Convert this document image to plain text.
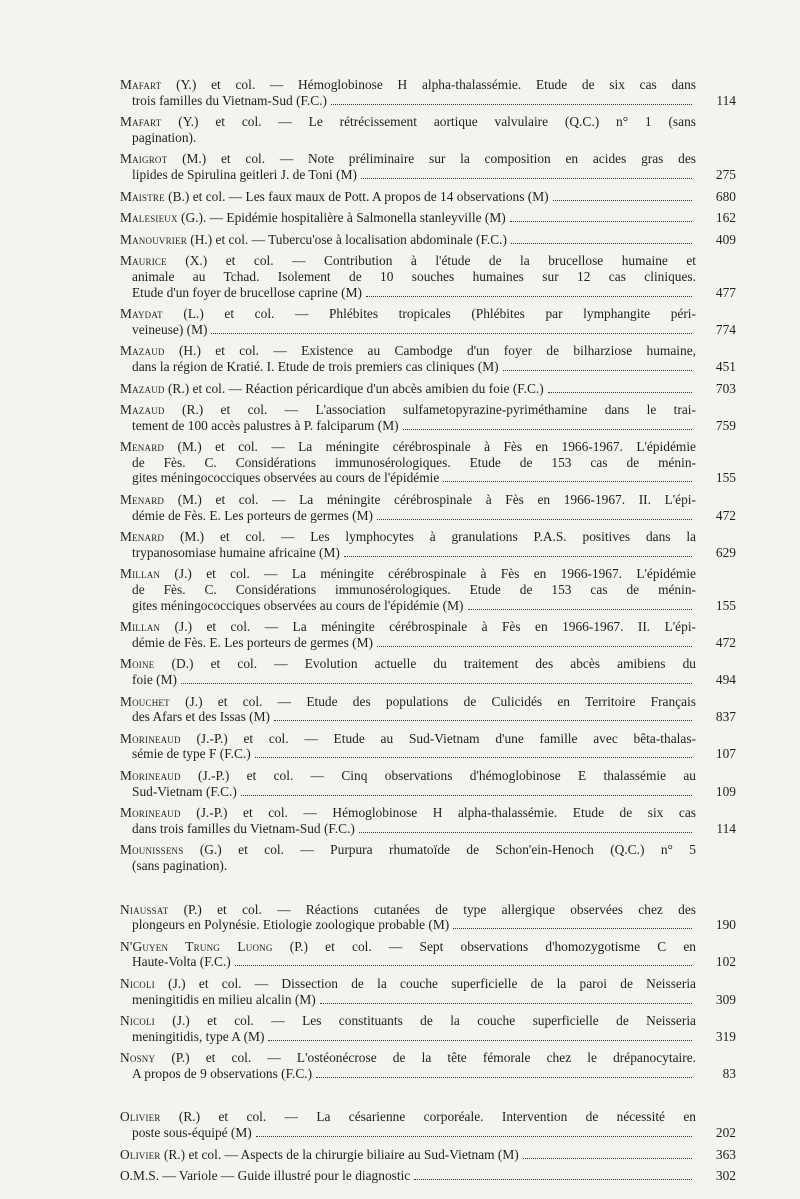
Mafart (Y.) et col. — Hémoglobinose H alpha-thalassémie. Etude de six cas dans
trois familles du Vietnam-Sud (F.C.)	114
Mafart (Y.) et col. — Le rétrécissement aortique valvulaire (Q.C.) n° 1 (sans
pagination).
Maigrot (M.) et col. — Note préliminaire sur la composition en acides gras des
lipides de Spirulina geitleri J. de Toni (M)	275
Maistre (B.) et col. — Les faux maux de Pott. A propos de 14 observations (M)	680
Malesieux (G.). — Epidémie hospitalière à Salmonella stanleyville (M)	162
Manouvrier (H.) et col. — Tubercu'ose à localisation abdominale (F.C.)	409
Maurice (X.) et col. — Contribution à l'étude de la brucellose humaine et
animale au Tchad. Isolement de 10 souches humaines sur 12 cas cliniques.
Etude d'un foyer de brucellose caprine (M)	477
Maydat (L.) et col. — Phlébites tropicales (Phlébites par lymphangite péri-
veineuse) (M)	774
Mazaud (H.) et col. — Existence au Cambodge d'un foyer de bilharziose humaine,
dans la région de Kratié. I. Etude de trois premiers cas cliniques (M)	451
Mazaud (R.) et col. — Réaction péricardique d'un abcès amibien du foie (F.C.)	703
Mazaud (R.) et col. — L'association sulfametopyrazine-pyriméthamine dans le trai-
tement de 100 accès palustres à P. falciparum (M)	759
Menard (M.) et col. — La méningite cérébrospinale à Fès en 1966-1967. L'épidémie
de Fès. C. Considérations immunosérologiques. Etude de 153 cas de ménin-
gites méningococciques observées au cours de l'épidémie	155
Menard (M.) et col. — La méningite cérébrospinale à Fès en 1966-1967. II. L'épi-
démie de Fès. E. Les porteurs de germes (M)	472
Menard (M.) et col. — Les lymphocytes à granulations P.A.S. positives dans la
trypanosomiase humaine africaine (M)	629
Millan (J.) et col. — La méningite cérébrospinale à Fès en 1966-1967. L'épidémie
de Fès. C. Considérations immunosérologiques. Etude de 153 cas de ménin-
gites méningococciques observées au cours de l'épidémie (M)	155
Millan (J.) et col. — La méningite cérébrospinale à Fès en 1966-1967. II. L'épi-
démie de Fès. E. Les porteurs de germes (M)	472
Moine (D.) et col. — Evolution actuelle du traitement des abcès amibiens du
foie (M)	494
Mouchet (J.) et col. — Etude des populations de Culicidés en Territoire Français
des Afars et des Issas (M)	837
Morineaud (J.-P.) et col. — Etude au Sud-Vietnam d'une famille avec bêta-thalas-
sémie de type F (F.C.)	107
Morineaud (J.-P.) et col. — Cinq observations d'hémoglobinose E thalassémie au
Sud-Vietnam (F.C.)	109
Morineaud (J.-P.) et col. — Hémoglobinose H alpha-thalassémie. Etude de six cas
dans trois familles du Vietnam-Sud (F.C.)	114
Mounissens (G.) et col. — Purpura rhumatoïde de Schon'ein-Henoch (Q.C.) n° 5
(sans pagination).
Niaussat (P.) et col. — Réactions cutanées de type allergique observées chez des
plongeurs en Polynésie. Etiologie zoologique probable (M)	190
N'Guyen Trung Luong (P.) et col. — Sept observations d'homozygotisme C en
Haute-Volta (F.C.)	102
Nicoli (J.) et col. — Dissection de la couche superficielle de la paroi de Neisseria
meningitidis en milieu alcalin (M)	309
Nicoli (J.) et col. — Les constituants de la couche superficielle de Neisseria
meningitidis, type A (M)	319
Nosny (P.) et col. — L'ostéonécrose de la tête fémorale chez le drépanocytaire.
A propos de 9 observations (F.C.)	83
Olivier (R.) et col. — La césarienne corporéale. Intervention de nécessité en
poste sous-équipé (M)	202
Olivier (R.) et col. — Aspects de la chirurgie biliaire au Sud-Vietnam (M)	363
O.M.S. — Variole — Guide illustré pour le diagnostic	302
